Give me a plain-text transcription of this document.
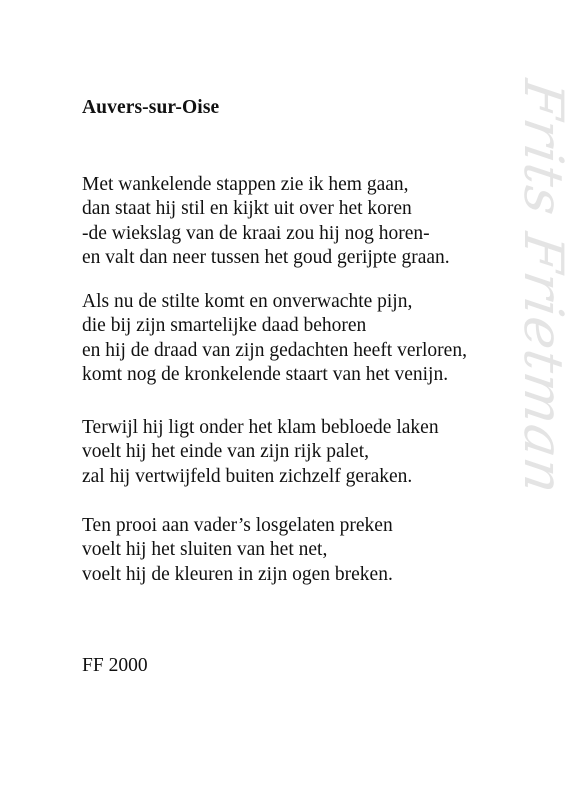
Frits Frietman
Auvers-sur-Oise
Met wankelende stappen zie ik hem gaan,
dan staat hij stil en kijkt uit over het koren
-de wiekslag van de kraai zou hij nog horen-
en valt dan neer tussen het goud gerijpte graan.
Als nu de stilte komt en onverwachte pijn,
die bij zijn smartelijke daad behoren
en hij de draad van zijn gedachten heeft verloren,
komt nog de kronkelende staart van het venijn.
Terwijl hij ligt onder het klam bebloede laken
voelt hij het einde van zijn rijk palet,
zal hij vertwijfeld buiten zichzelf geraken.
Ten prooi aan vader’s losgelaten preken
voelt hij het sluiten van het net,
voelt hij de kleuren in zijn ogen breken.
FF 2000
